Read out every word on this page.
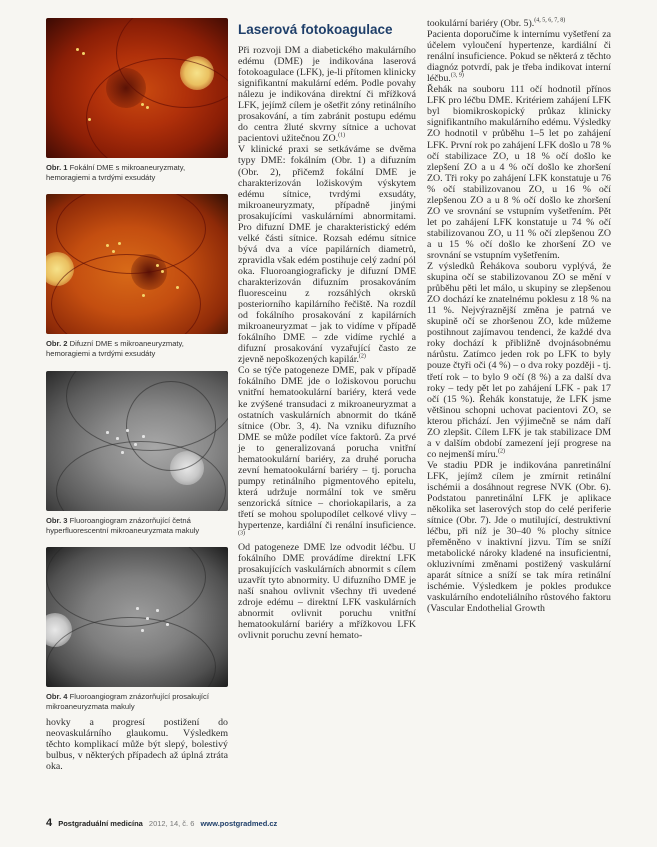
Obr. 1 Fokální DME s mikroaneuryzmaty, hemoragiemi a tvrdými exsudáty
Obr. 2 Difuzní DME s mikroaneuryzmaty, hemoragiemi a tvrdými exsudáty
Obr. 3 Fluoroangiogram znázorňující četná hyperfluorescentní mikroaneuryzmata makuly
Obr. 4 Fluoroangiogram znázorňující prosakující mikroaneuryzmata makuly

hovky a progresí postižení do neovaskulárního glaukomu. Výsledkem těchto komplikací může být slepý, bolestivý bulbus, v některých případech až úplná ztráta oka.

Laserová fotokoagulace

Při rozvoji DM a diabetického makulárního edému (DME) je indikována laserová fotokoagulace (LFK), je-li přítomen klinicky signifikantní makulární edém. Podle povahy nálezu je indikována direktní či mřížková LFK, jejímž cílem je ošetřit zóny retinálního prosakování, a tím zabránit postupu edému do centra žluté skvrny sítnice a uchovat pacientovi užitečnou ZO.$^{(1)}$

V klinické praxi se setkáváme se dvěma typy DME: fokálním (Obr. 1) a difuzním (Obr. 2), přičemž fokální DME je charakterizován ložiskovým výskytem edému sítnice, tvrdými exsudáty, mikroaneuryzmaty, případně jinými prosakujícími vaskulárními abnormitami. Pro difuzní DME je charakteristický edém velké části sítnice. Rozsah edému sítnice bývá dva a více papilárních diametrů, zpravidla však edém postihuje celý zadní pól oka. Fluoroangiograficky je difuzní DME charakterizován difuzním prosakováním fluoresceinu z rozsáhlých okrsků posteriorního kapilárního řečiště. Na rozdíl od fokálního prosakování z kapilárních mikroaneuryzmat – jak to vidíme v případě fokálního DME – zde vidíme rychlé a difuzní prosakování vyzařující často ze zjevně nepoškozených kapilár.$^{(2)}$

Co se týče patogeneze DME, pak v případě fokálního DME jde o ložiskovou poruchu vnitřní hematookulární bariéry, která vede ke zvýšené transudaci z mikroaneuryzmat a ostatních vaskulárních abnormit do tkáně sítnice (Obr. 3, 4). Na vzniku difuzního DME se může podílet více faktorů. Za prvé je to generalizovaná porucha vnitřní hematookulární bariéry, za druhé porucha zevní hematookulární bariéry – tj. porucha pumpy retinálního pigmentového epitelu, která udržuje normální tok ve směru senzorická sítnice – choriokapilaris, a za třetí se mohou spolupodílet celkové vlivy – hypertenze, kardiální či renální insuficience.$^{(3)}$

Od patogeneze DME lze odvodit léčbu. U fokálního DME provádíme direktní LFK prosakujících vaskulárních abnormit s cílem uzavřít tyto abnormity. U difuzního DME je naší snahou ovlivnit všechny tři uvedené zdroje edému – direktní LFK vaskulárních abnormit ovlivnit poruchu vnitřní hematookulární bariéry a mřížkovou LFK ovlivnit poruchu zevní hemato-

tookulární bariéry (Obr. 5).$^{(4, 5, 6, 7, 8)}$

Pacienta doporučíme k internímu vyšetření za účelem vyloučení hypertenze, kardiální či renální insuficience. Pokud se některá z těchto diagnóz potvrdí, pak je třeba indikovat interní léčbu.$^{(3, 9)}$

Řehák na souboru 111 očí hodnotil přínos LFK pro léčbu DME. Kritériem zahájení LFK byl biomikroskopický průkaz klinicky signifikantního makulárního edému. Výsledky ZO hodnotil v průběhu 1–5 let po zahájení LFK. První rok po zahájení LFK došlo u 78 % očí stabilizace ZO, u 18 % očí došlo ke zlepšení ZO a u 4 % očí došlo ke zhoršení ZO. Tři roky po zahájení LFK konstatuje u 76 % očí stabilizovanou ZO, u 16 % očí zlepšenou ZO a u 8 % očí došlo ke zhoršení ZO ve srovnání se vstupním vyšetřením. Pět let po zahájení LFK konstatuje u 74 % očí stabilizovanou ZO, u 11 % očí zlepšenou ZO a u 15 % očí došlo ke zhoršení ZO ve srovnání se vstupním vyšetřením.

Z výsledků Řehákova souboru vyplývá, že skupina očí se stabilizovanou ZO se mění v průběhu pěti let málo, u skupiny se zlepšenou ZO dochází ke znatelnému poklesu z 18 % na 11 %. Nejvýraznější změna je patrná ve skupině očí se zhoršenou ZO, kde můžeme postihnout zajímavou tendenci, že každé dva roky dochází k přibližně dvojnásobnému nárůstu. Zatímco jeden rok po LFK to byly pouze čtyři oči (4 %) – o dva roky později - tj. třetí rok – to bylo 9 očí (8 %) a za další dva roky – tedy pět let po zahájení LFK - pak 17 očí (15 %). Řehák konstatuje, že LFK jsme většinou schopni uchovat pacientovi ZO, se kterou přichází. Jen výjimečně se nám daří ZO zlepšit. Cílem LFK je tak stabilizace DM a v dalším období zamezení její progrese na co nejmenší míru.$^{(2)}$

Ve stadiu PDR je indikována panretinální LFK, jejímž cílem je zmírnit retinální ischémii a dosáhnout regrese NVK (Obr. 6). Podstatou panretinální LFK je aplikace několika set laserových stop do celé periferie sítnice (Obr. 7). Jde o mutilující, destruktivní léčbu, při níž je 30–40 % plochy sítnice přeměněno v inaktivní jizvu. Tím se sníží metabolické nároky kladené na insuficientní, okluzivními změnami postižený vaskulární aparát sítnice a sníží se tak míra retinální ischémie. Výsledkem je pokles produkce vaskulárního endoteliálního růstového faktoru (Vascular Endothelial Growth

4 Postgraduální medicína 2012, 14, č. 6 www.postgradmed.cz
